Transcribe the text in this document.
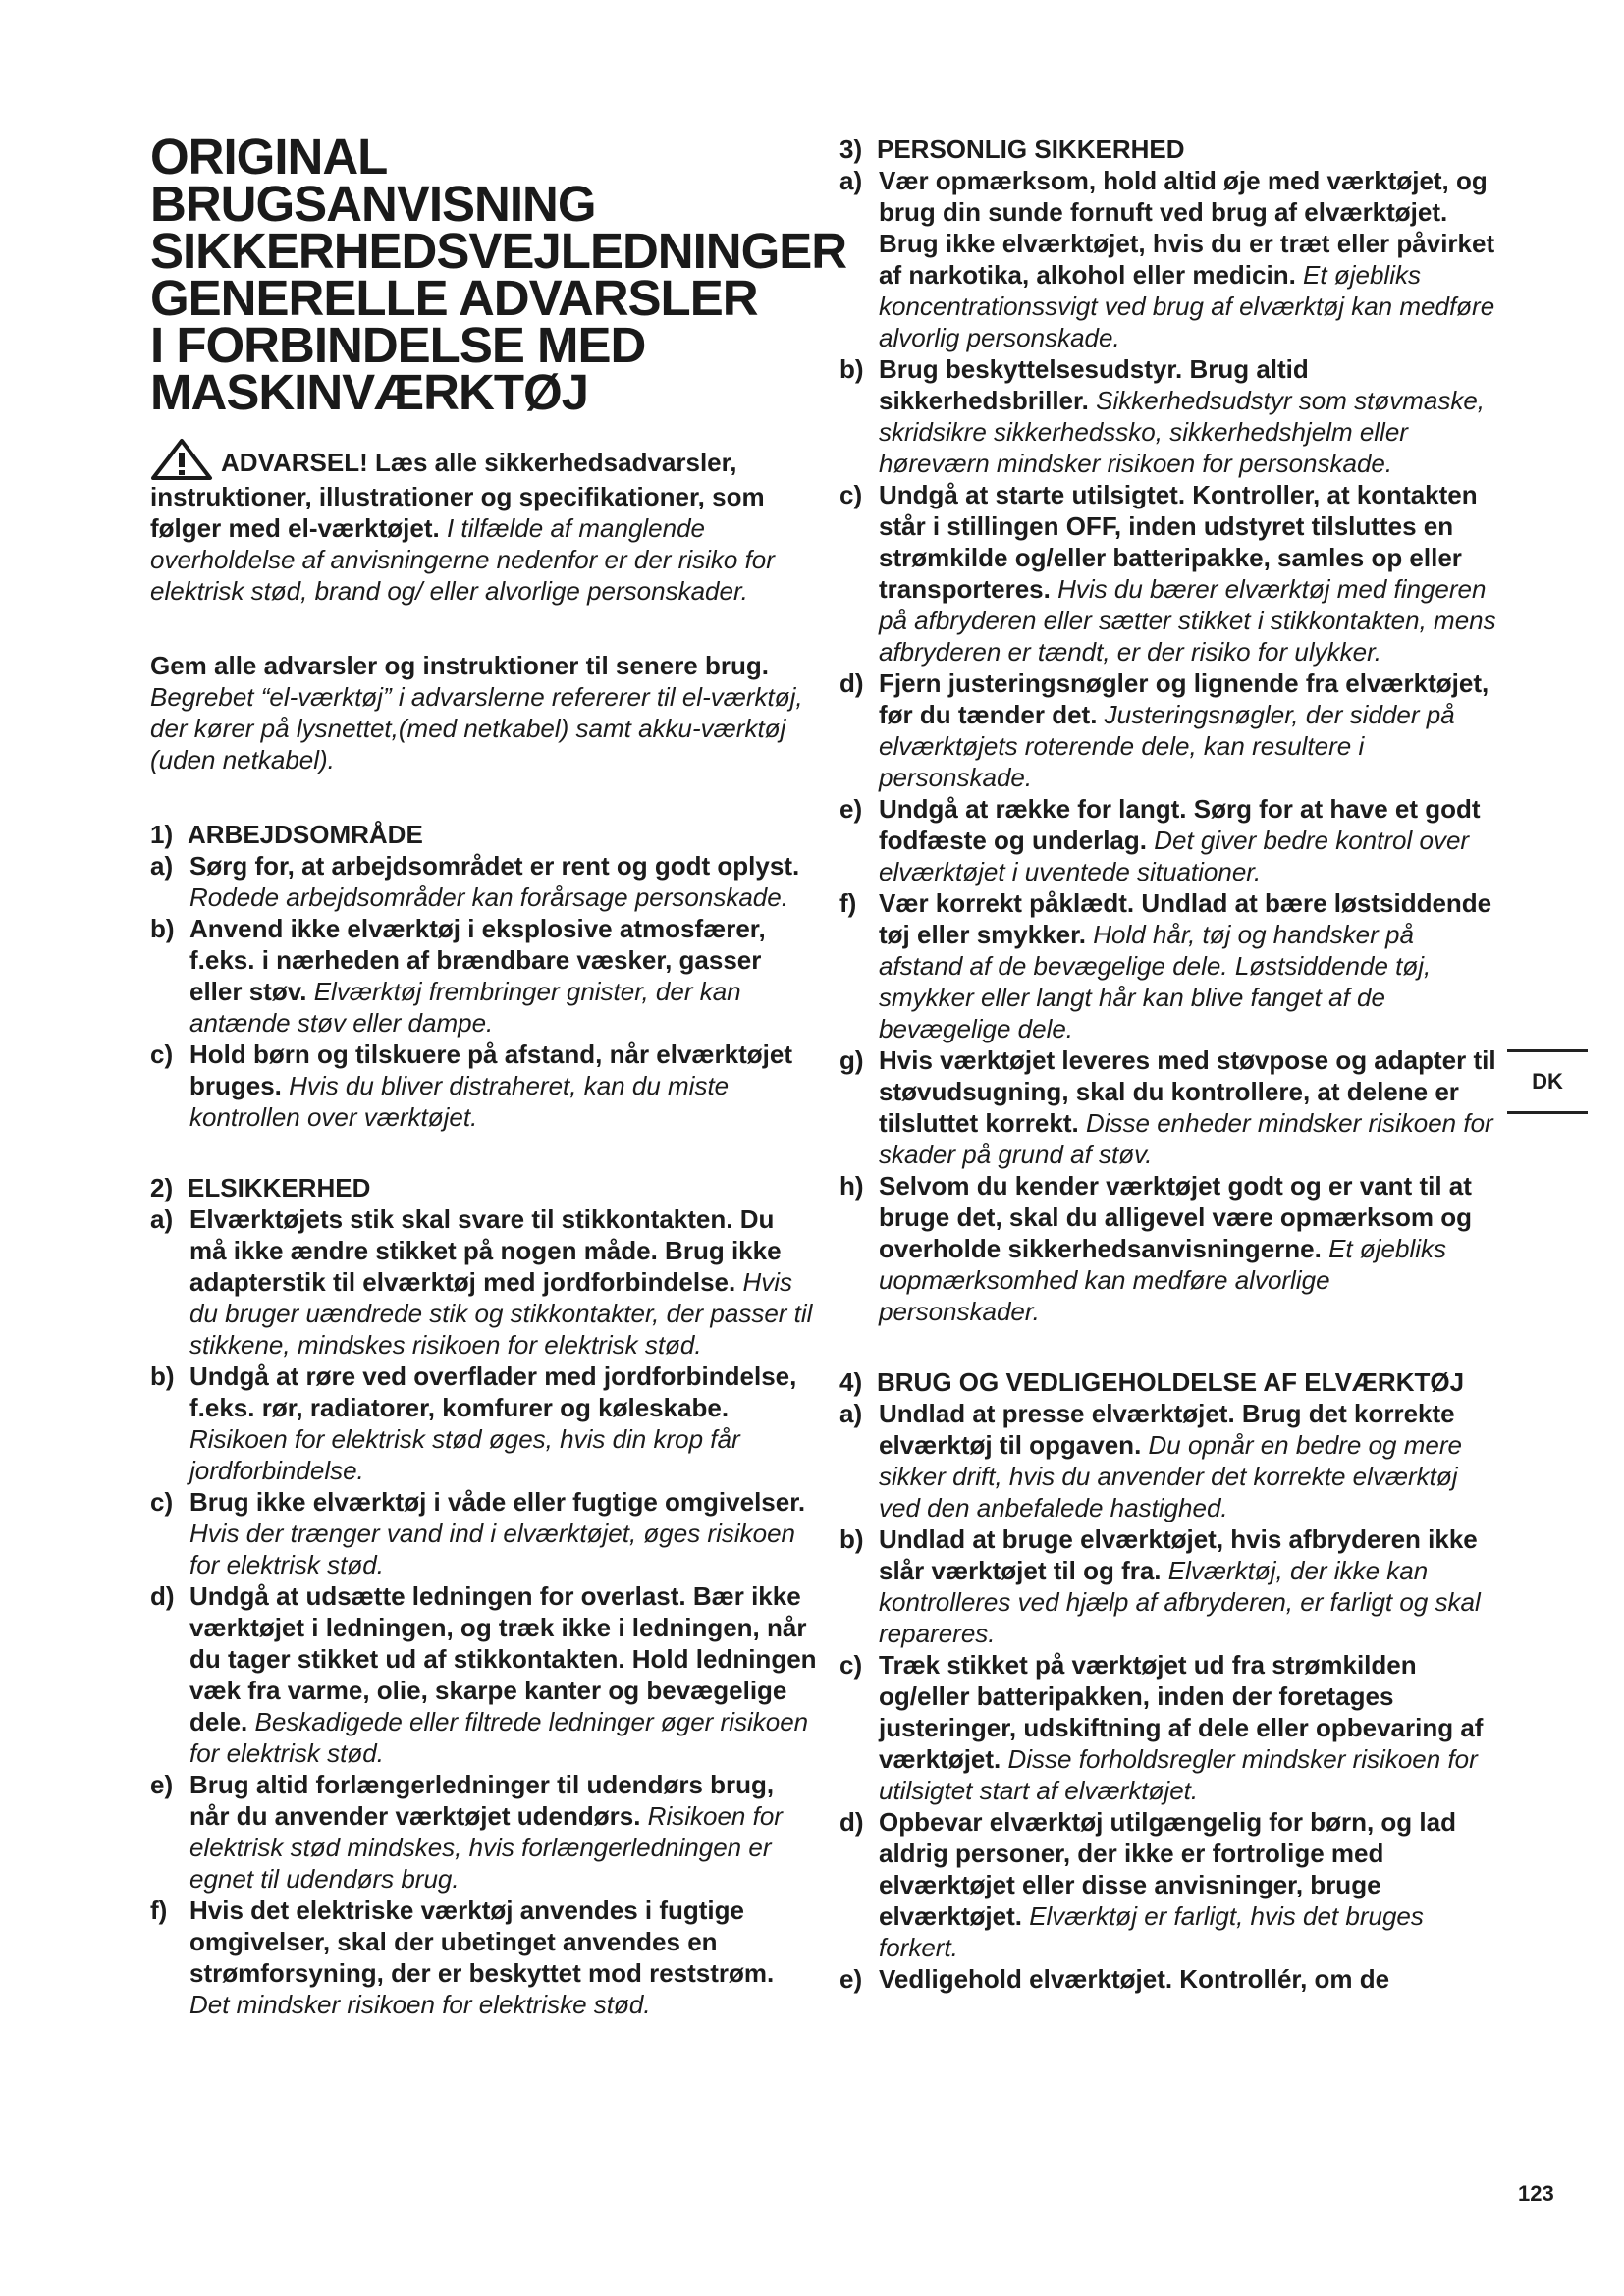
ORIGINAL BRUGSANVISNING
SIKKERHEDSVEJLEDNINGER
GENERELLE ADVARSLER
I FORBINDELSE MED
MASKINVÆRKTØJ
ADVARSEL! Læs alle sikkerhedsadvarsler, instruktioner, illustrationer og specifikationer, som følger med el-værktøjet. I tilfælde af manglende overholdelse af anvisningerne nedenfor er der risiko for elektrisk stød, brand og/ eller alvorlige personskader.
Gem alle advarsler og instruktioner til senere brug.
Begrebet “el-værktøj” i advarslerne refererer til el-værktøj, der kører på lysnettet,(med netkabel) samt akku-værktøj (uden netkabel).
1) ARBEJDSOMRÅDE
a) Sørg for, at arbejdsområdet er rent og godt oplyst. Rodede arbejdsområder kan forårsage personskade.
b) Anvend ikke elværktøj i eksplosive atmosfærer, f.eks. i nærheden af brændbare væsker, gasser eller støv. Elværktøj frembringer gnister, der kan antænde støv eller dampe.
c) Hold børn og tilskuere på afstand, når elværktøjet bruges. Hvis du bliver distraheret, kan du miste kontrollen over værktøjet.
2) ELSIKKERHED
a) Elværktøjets stik skal svare til stikkontakten. Du må ikke ændre stikket på nogen måde. Brug ikke adapterstik til elværktøj med jordforbindelse. Hvis du bruger uændrede stik og stikkontakter, der passer til stikkene, mindskes risikoen for elektrisk stød.
b) Undgå at røre ved overflader med jordforbindelse, f.eks. rør, radiatorer, komfurer og køleskabe. Risikoen for elektrisk stød øges, hvis din krop får jordforbindelse.
c) Brug ikke elværktøj i våde eller fugtige omgivelser. Hvis der trænger vand ind i elværktøjet, øges risikoen for elektrisk stød.
d) Undgå at udsætte ledningen for overlast. Bær ikke værktøjet i ledningen, og træk ikke i ledningen, når du tager stikket ud af stikkontakten. Hold ledningen væk fra varme, olie, skarpe kanter og bevægelige dele. Beskadigede eller filtrede ledninger øger risikoen for elektrisk stød.
e) Brug altid forlængerledninger til udendørs brug, når du anvender værktøjet udendørs. Risikoen for elektrisk stød mindskes, hvis forlængerledningen er egnet til udendørs brug.
f) Hvis det elektriske værktøj anvendes i fugtige omgivelser, skal der ubetinget anvendes en strømforsyning, der er beskyttet mod reststrøm. Det mindsker risikoen for elektriske stød.
3) PERSONLIG SIKKERHED
a) Vær opmærksom, hold altid øje med værktøjet, og brug din sunde fornuft ved brug af elværktøjet. Brug ikke elværktøjet, hvis du er træt eller påvirket af narkotika, alkohol eller medicin. Et øjebliks koncentrationssvigt ved brug af elværktøj kan medføre alvorlig personskade.
b) Brug beskyttelsesudstyr. Brug altid sikkerhedsbriller. Sikkerhedsudstyr som støvmaske, skridsikre sikkerhedssko, sikkerhedshjelm eller høreværn mindsker risikoen for personskade.
c) Undgå at starte utilsigtet. Kontroller, at kontakten står i stillingen OFF, inden udstyret tilsluttes en strømkilde og/eller batteripakke, samles op eller transporteres. Hvis du bærer elværktøj med fingeren på afbryderen eller sætter stikket i stikkontakten, mens afbryderen er tændt, er der risiko for ulykker.
d) Fjern justeringsnøgler og lignende fra elværktøjet, før du tænder det. Justeringsnøgler, der sidder på elværktøjets roterende dele, kan resultere i personskade.
e) Undgå at række for langt. Sørg for at have et godt fodfæste og underlag. Det giver bedre kontrol over elværktøjet i uventede situationer.
f) Vær korrekt påklædt. Undlad at bære løstsiddende tøj eller smykker. Hold hår, tøj og handsker på afstand af de bevægelige dele. Løstsiddende tøj, smykker eller langt hår kan blive fanget af de bevægelige dele.
g) Hvis værktøjet leveres med støvpose og adapter til støvudsugning, skal du kontrollere, at delene er tilsluttet korrekt. Disse enheder mindsker risikoen for skader på grund af støv.
h) Selvom du kender værktøjet godt og er vant til at bruge det, skal du alligevel være opmærksom og overholde sikkerhedsanvisningerne. Et øjebliks uopmærksomhed kan medføre alvorlige personskader.
4) BRUG OG VEDLIGEHOLDELSE AF ELVÆRKTØJ
a) Undlad at presse elværktøjet. Brug det korrekte elværktøj til opgaven. Du opnår en bedre og mere sikker drift, hvis du anvender det korrekte elværktøj ved den anbefalede hastighed.
b) Undlad at bruge elværktøjet, hvis afbryderen ikke slår værktøjet til og fra. Elværktøj, der ikke kan kontrolleres ved hjælp af afbryderen, er farligt og skal repareres.
c) Træk stikket på værktøjet ud fra strømkilden og/eller batteripakken, inden der foretages justeringer, udskiftning af dele eller opbevaring af værktøjet. Disse forholdsregler mindsker risikoen for utilsigtet start af elværktøjet.
d) Opbevar elværktøj utilgængelig for børn, og lad aldrig personer, der ikke er fortrolige med elværktøjet eller disse anvisninger, bruge elværktøjet. Elværktøj er farligt, hvis det bruges forkert.
e) Vedligehold elværktøjet. Kontrollér, om de
DK
123
